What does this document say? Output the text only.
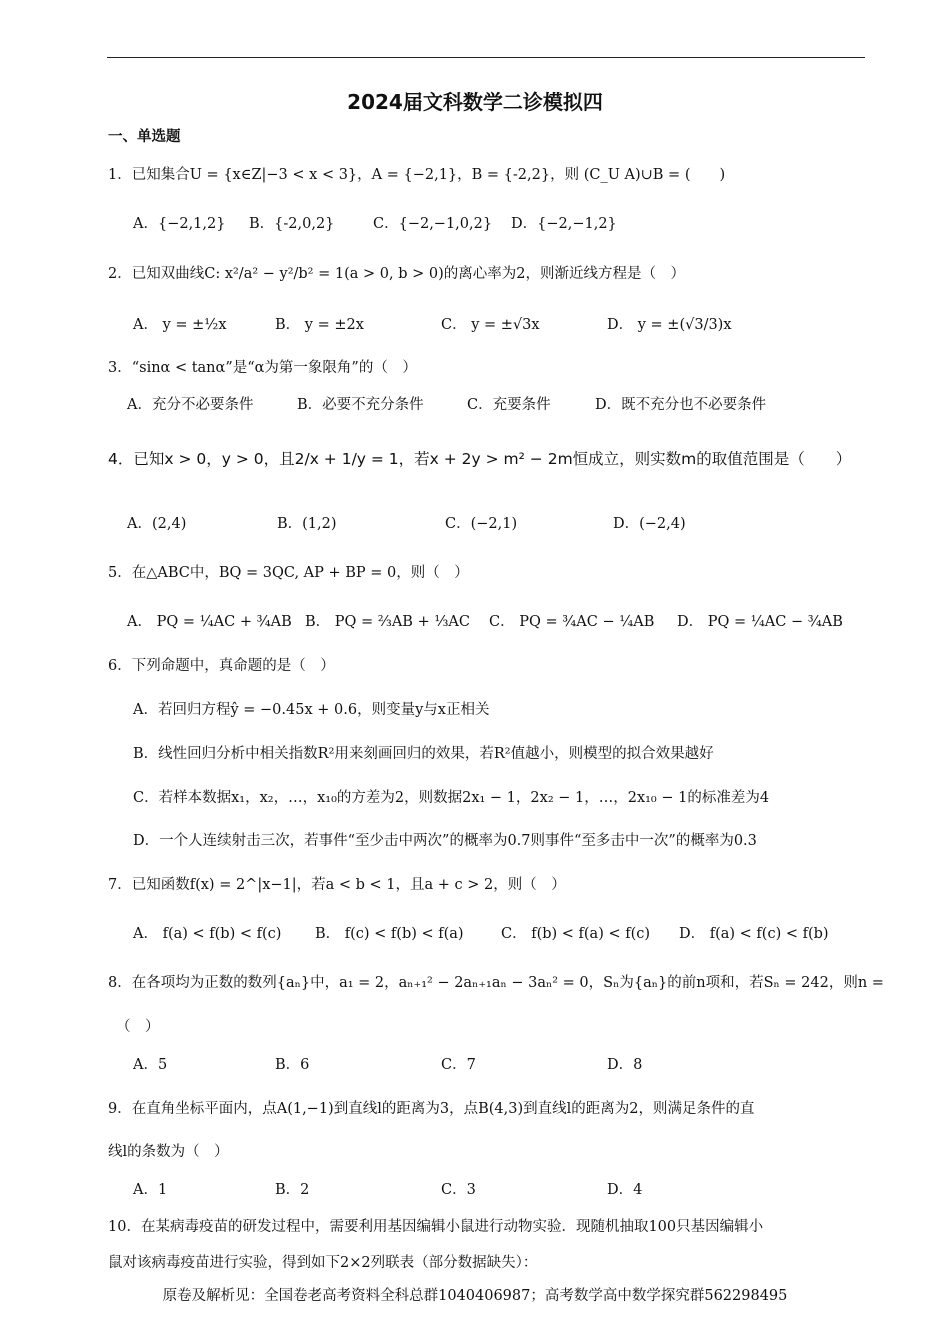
2024届文科数学二诊模拟四
一、单选题
1．已知集合U = {x∈Z|−3 < x < 3}，A = {−2,1}，B = {-2,2}，则 (C_U A)∪B = (　　)
A．{−2,1,2} B．{-2,0,2}	C．{−2,−1,0,2} D．{−2,−1,2}
2．已知双曲线C: x²/a² − y²/b² = 1(a > 0, b > 0)的离心率为2，则渐近线方程是（　）
A． y = ±½x	B． y = ±2x	C． y = ±√3x	D． y = ±(√3/3)x
3．“sinα < tanα”是“α为第一象限角”的（　）
A．充分不必要条件	B．必要不充分条件	C．充要条件	D．既不充分也不必要条件
4．已知x > 0，y > 0，且2/x + 1/y = 1，若x + 2y > m² − 2m恒成立，则实数m的取值范围是（　　）
A．(2,4)	B．(1,2)	C．(−2,1)	D．(−2,4)
5．在△ABC中，BQ = 3QC, AP + BP = 0，则（　）
A． PQ = ¼AC + ¾AB B． PQ = ⅔AB + ⅓AC C． PQ = ¾AC − ¼AB D． PQ = ¼AC − ¾AB
6．下列命题中，真命题的是（　）
A．若回归方程ŷ = −0.45x + 0.6，则变量y与x正相关
B．线性回归分析中相关指数R²用来刻画回归的效果，若R²值越小，则模型的拟合效果越好
C．若样本数据x₁，x₂，…，x₁₀的方差为2，则数据2x₁ − 1，2x₂ − 1，…，2x₁₀ − 1的标准差为4
D．一个人连续射击三次，若事件“至少击中两次”的概率为0.7则事件“至多击中一次”的概率为0.3
7．已知函数f(x) = 2^|x−1|，若a < b < 1，且a + c > 2，则（　）
A． f(a) < f(b) < f(c) B． f(c) < f(b) < f(a)	C． f(b) < f(a) < f(c) D． f(a) < f(c) < f(b)
8．在各项均为正数的数列{aₙ}中，a₁ = 2，aₙ₊₁² − 2aₙ₊₁aₙ − 3aₙ² = 0，Sₙ为{aₙ}的前n项和，若Sₙ = 242，则n =
（　）
A．5	B．6	C．7	D．8
9．在直角坐标平面内，点A(1,−1)到直线l的距离为3，点B(4,3)到直线l的距离为2，则满足条件的直
线l的条数为（　）
A．1	B．2	C．3	D．4
10．在某病毒疫苗的研发过程中，需要利用基因编辑小鼠进行动物实验．现随机抽取100只基因编辑小
鼠对该病毒疫苗进行实验，得到如下2×2列联表（部分数据缺失）：
原卷及解析见：全国卷老高考资料全科总群1040406987；高考数学高中数学探究群562298495
